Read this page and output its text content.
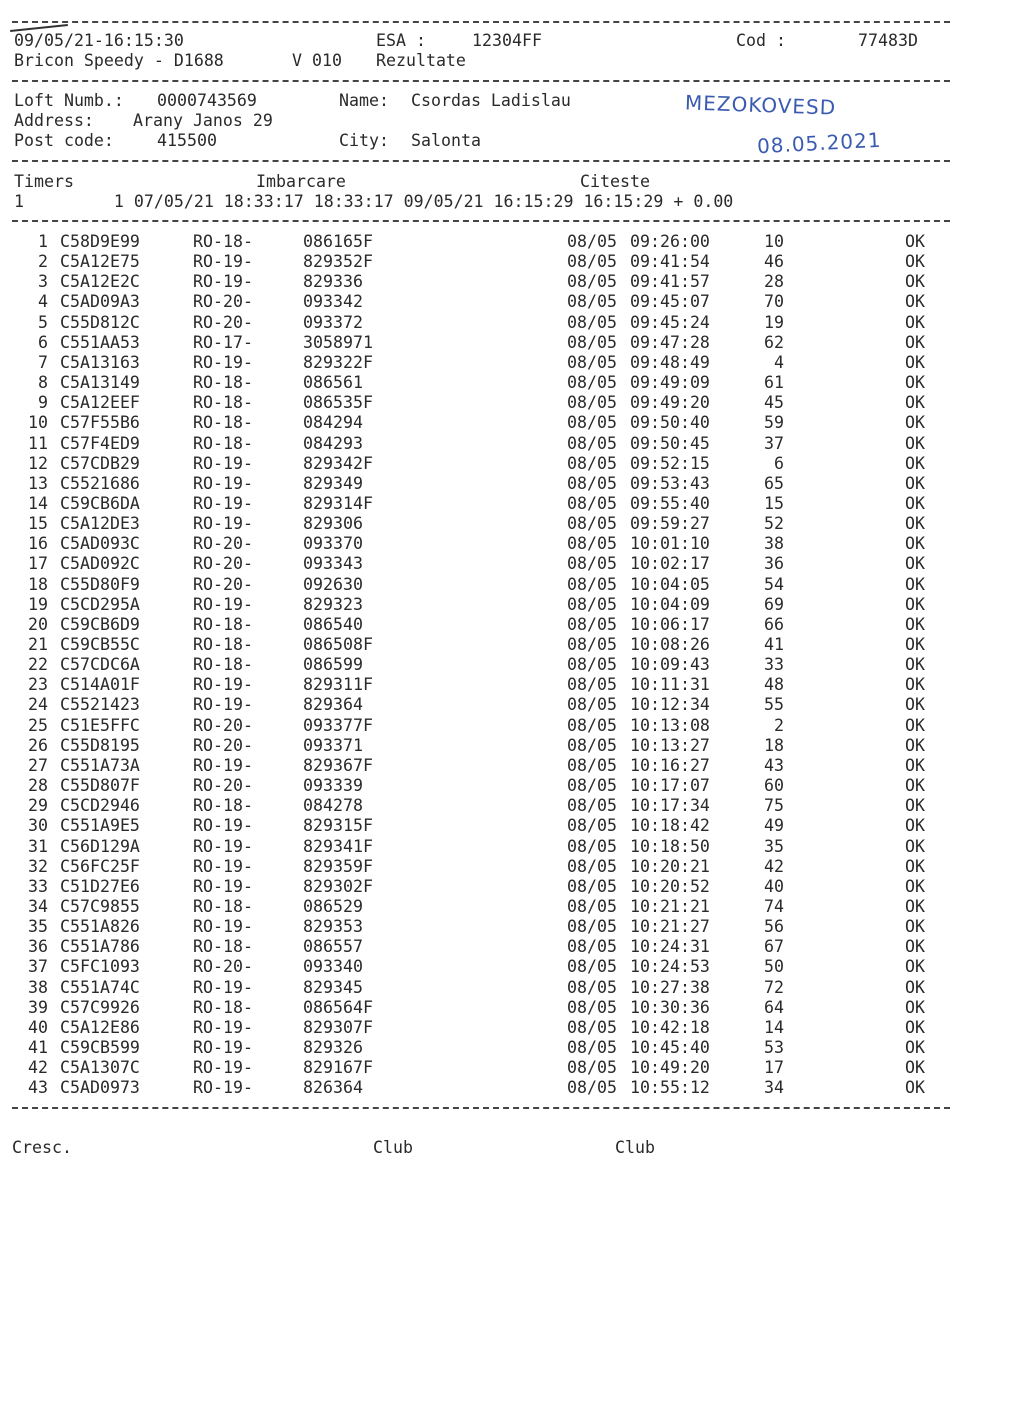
09/05/21-16:15:30	ESA :	12304FF	Cod :	77483D
Bricon Speedy - D1688	V 010 Rezultate
Loft Numb.: 0000743569	Name: Csordas Ladislau
Address: Arany Janos 29
Post code:	415500	City: Salonta
MEZOKOVESD
08.05.2021
Timers	Imbarcare	Citeste
1         1 07/05/21 18:33:17 18:33:17 09/05/21 16:15:29 16:15:29 + 0.00
1 C58D9E99	RO-18-	086165F	08/05 09:26:00	10	OK
2 C5A12E75	RO-19-	829352F	08/05 09:41:54	46	OK
3 C5A12E2C	RO-19-	829336	08/05 09:41:57	28	OK
4 C5AD09A3	RO-20-	093342	08/05 09:45:07	70	OK
5 C55D812C	RO-20-	093372	08/05 09:45:24	19	OK
6 C551AA53	RO-17-	3058971	08/05 09:47:28	62	OK
7 C5A13163	RO-19-	829322F	08/05 09:48:49	4	OK
8 C5A13149	RO-18-	086561	08/05 09:49:09	61	OK
9 C5A12EEF	RO-18-	086535F	08/05 09:49:20	45	OK
10 C57F55B6	RO-18-	084294	08/05 09:50:40	59	OK
11 C57F4ED9	RO-18-	084293	08/05 09:50:45	37	OK
12 C57CDB29	RO-19-	829342F	08/05 09:52:15	6	OK
13 C5521686	RO-19-	829349	08/05 09:53:43	65	OK
14 C59CB6DA	RO-19-	829314F	08/05 09:55:40	15	OK
15 C5A12DE3	RO-19-	829306	08/05 09:59:27	52	OK
16 C5AD093C	RO-20-	093370	08/05 10:01:10	38	OK
17 C5AD092C	RO-20-	093343	08/05 10:02:17	36	OK
18 C55D80F9	RO-20-	092630	08/05 10:04:05	54	OK
19 C5CD295A	RO-19-	829323	08/05 10:04:09	69	OK
20 C59CB6D9	RO-18-	086540	08/05 10:06:17	66	OK
21 C59CB55C	RO-18-	086508F	08/05 10:08:26	41	OK
22 C57CDC6A	RO-18-	086599	08/05 10:09:43	33	OK
23 C514A01F	RO-19-	829311F	08/05 10:11:31	48	OK
24 C5521423	RO-19-	829364	08/05 10:12:34	55	OK
25 C51E5FFC	RO-20-	093377F	08/05 10:13:08	2	OK
26 C55D8195	RO-20-	093371	08/05 10:13:27	18	OK
27 C551A73A	RO-19-	829367F	08/05 10:16:27	43	OK
28 C55D807F	RO-20-	093339	08/05 10:17:07	60	OK
29 C5CD2946	RO-18-	084278	08/05 10:17:34	75	OK
30 C551A9E5	RO-19-	829315F	08/05 10:18:42	49	OK
31 C56D129A	RO-19-	829341F	08/05 10:18:50	35	OK
32 C56FC25F	RO-19-	829359F	08/05 10:20:21	42	OK
33 C51D27E6	RO-19-	829302F	08/05 10:20:52	40	OK
34 C57C9855	RO-18-	086529	08/05 10:21:21	74	OK
35 C551A826	RO-19-	829353	08/05 10:21:27	56	OK
36 C551A786	RO-18-	086557	08/05 10:24:31	67	OK
37 C5FC1093	RO-20-	093340	08/05 10:24:53	50	OK
38 C551A74C	RO-19-	829345	08/05 10:27:38	72	OK
39 C57C9926	RO-18-	086564F	08/05 10:30:36	64	OK
40 C5A12E86	RO-19-	829307F	08/05 10:42:18	14	OK
41 C59CB599	RO-19-	829326	08/05 10:45:40	53	OK
42 C5A1307C	RO-19-	829167F	08/05 10:49:20	17	OK
43 C5AD0973	RO-19-	826364	08/05 10:55:12	34	OK
Cresc.	Club	Club
